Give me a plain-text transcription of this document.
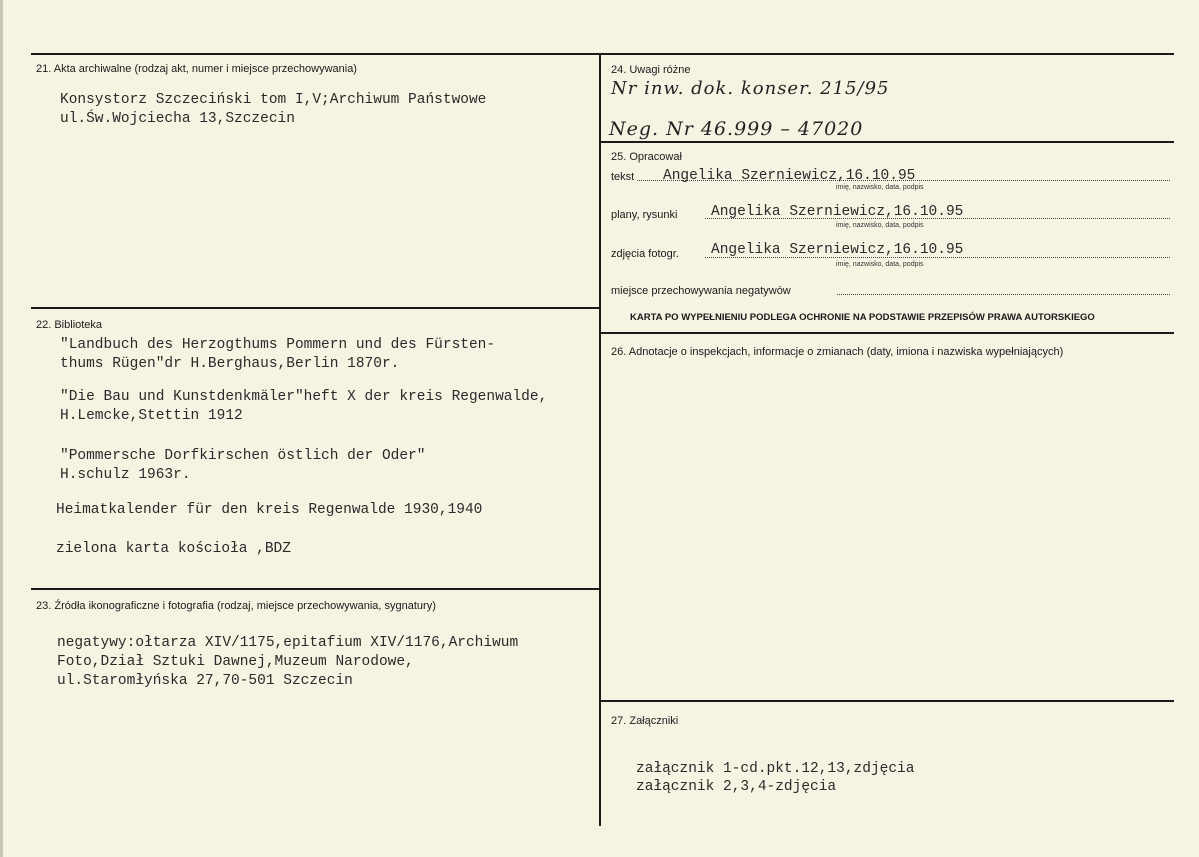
21. Akta archiwalne (rodzaj akt, numer i miejsce przechowywania)
Konsystorz Szczeciński tom I,V;Archiwum Państwowe
ul.Św.Wojciecha 13,Szczecin
22. Biblioteka
"Landbuch des Herzogthums Pommern und des Fürsten-
thums Rügen"dr H.Berghaus,Berlin 1870r.
"Die Bau und Kunstdenkmäler"heft X der kreis Regenwalde,
H.Lemcke,Stettin 1912
"Pommersche Dorfkirschen östlich der Oder"
H.schulz 1963r.
Heimatkalender für den kreis Regenwalde 1930,1940
zielona karta kościoła ,BDZ
23. Źródła ikonograficzne i fotografia (rodzaj, miejsce przechowywania, sygnatury)
negatywy:ołtarza XIV/1175,epitafium XIV/1176,Archiwum
Foto,Dział Sztuki Dawnej,Muzeum Narodowe,
ul.Staromłyńska 27,70-501 Szczecin
24. Uwagi różne
Nr inw. dok. konser. 215/95
Neg. Nr 46.999 – 47020
25. Opracował
tekst Angelika Szerniewicz,16.10.95
imię, nazwisko, data, podpis
plany, rysunki Angelika Szerniewicz,16.10.95
imię, nazwisko, data, podpis
zdjęcia fotogr. Angelika Szerniewicz,16.10.95
imię, nazwisko, data, podpis
miejsce przechowywania negatywów
KARTA PO WYPEŁNIENIU PODLEGA OCHRONIE NA PODSTAWIE PRZEPISÓW PRAWA AUTORSKIEGO
26. Adnotacje o inspekcjach, informacje o zmianach (daty, imiona i nazwiska wypełniających)
27. Załączniki
załącznik 1-cd.pkt.12,13,zdjęcia
załącznik 2,3,4-zdjęcia
